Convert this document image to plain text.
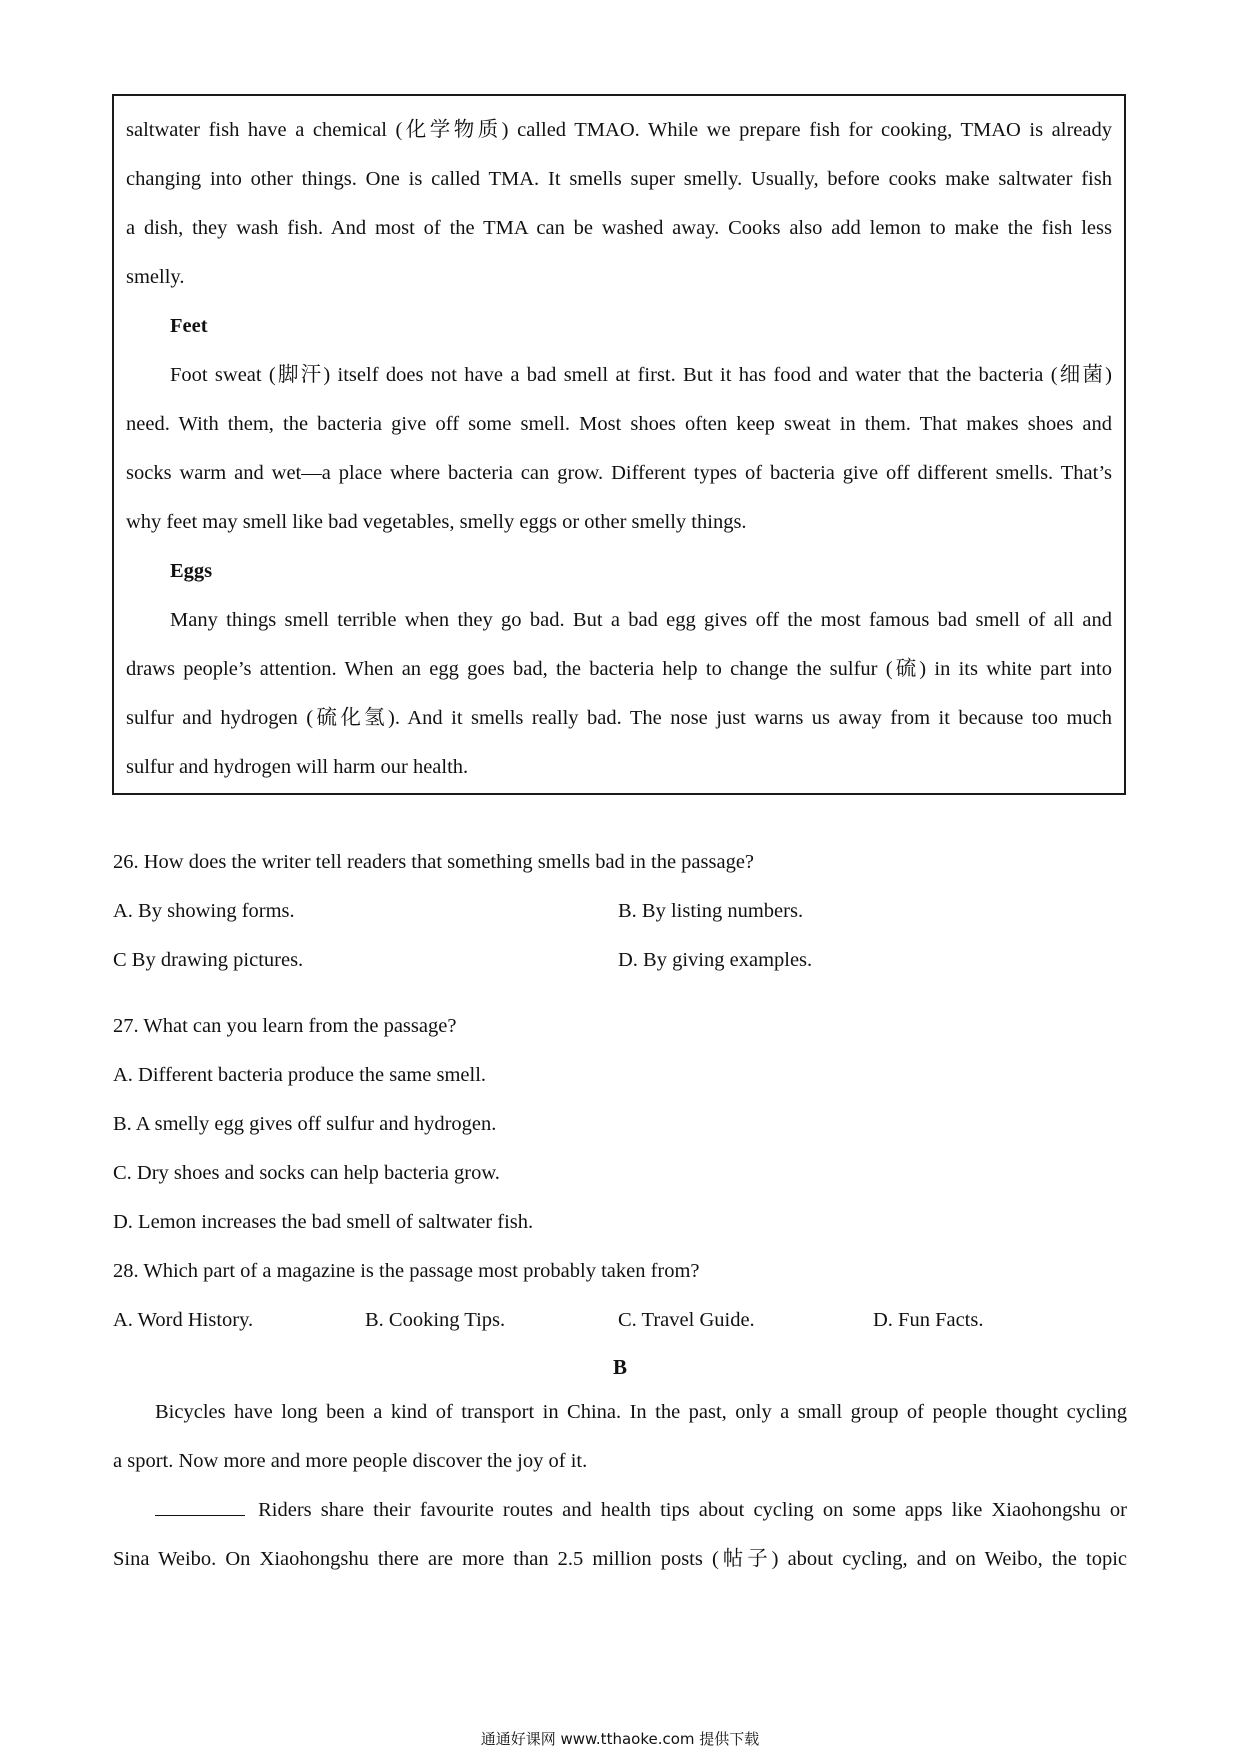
saltwater fish have a chemical (化学物质) called TMAO. While we prepare fish for cooking, TMAO is already

changing into other things. One is called TMA. It smells super smelly. Usually, before cooks make saltwater fish

a dish, they wash fish. And most of the TMA can be washed away. Cooks also add lemon to make the fish less

smelly.

Feet

Foot sweat (脚汗) itself does not have a bad smell at first. But it has food and water that the bacteria (细菌)

need. With them, the bacteria give off some smell. Most shoes often keep sweat in them. That makes shoes and

socks warm and wet—a place where bacteria can grow. Different types of bacteria give off different smells. That’s

why feet may smell like bad vegetables, smelly eggs or other smelly things.

Eggs

Many things smell terrible when they go bad. But a bad egg gives off the most famous bad smell of all and

draws people’s attention. When an egg goes bad, the bacteria help to change the sulfur (硫) in its white part into

sulfur and hydrogen (硫化氢). And it smells really bad. The nose just warns us away from it because too much

sulfur and hydrogen will harm our health.

26. How does the writer tell readers that something smells bad in the passage?
A. By showing forms.	B. By listing numbers.
C By drawing pictures.	D. By giving examples.
27. What can you learn from the passage?
A. Different bacteria produce the same smell.
B. A smelly egg gives off sulfur and hydrogen.
C. Dry shoes and socks can help bacteria grow.
D. Lemon increases the bad smell of saltwater fish.
28. Which part of a magazine is the passage most probably taken from?
A. Word History.	B. Cooking Tips.	C. Travel Guide.	D. Fun Facts.
B

Bicycles have long been a kind of transport in China. In the past, only a small group of people thought cycling

a sport. Now more and more people discover the joy of it.

Riders share their favourite routes and health tips about cycling on some apps like Xiaohongshu or

Sina Weibo. On Xiaohongshu there are more than 2.5 million posts (帖子) about cycling, and on Weibo, the topic

通通好课网 www.tthaoke.com 提供下载
